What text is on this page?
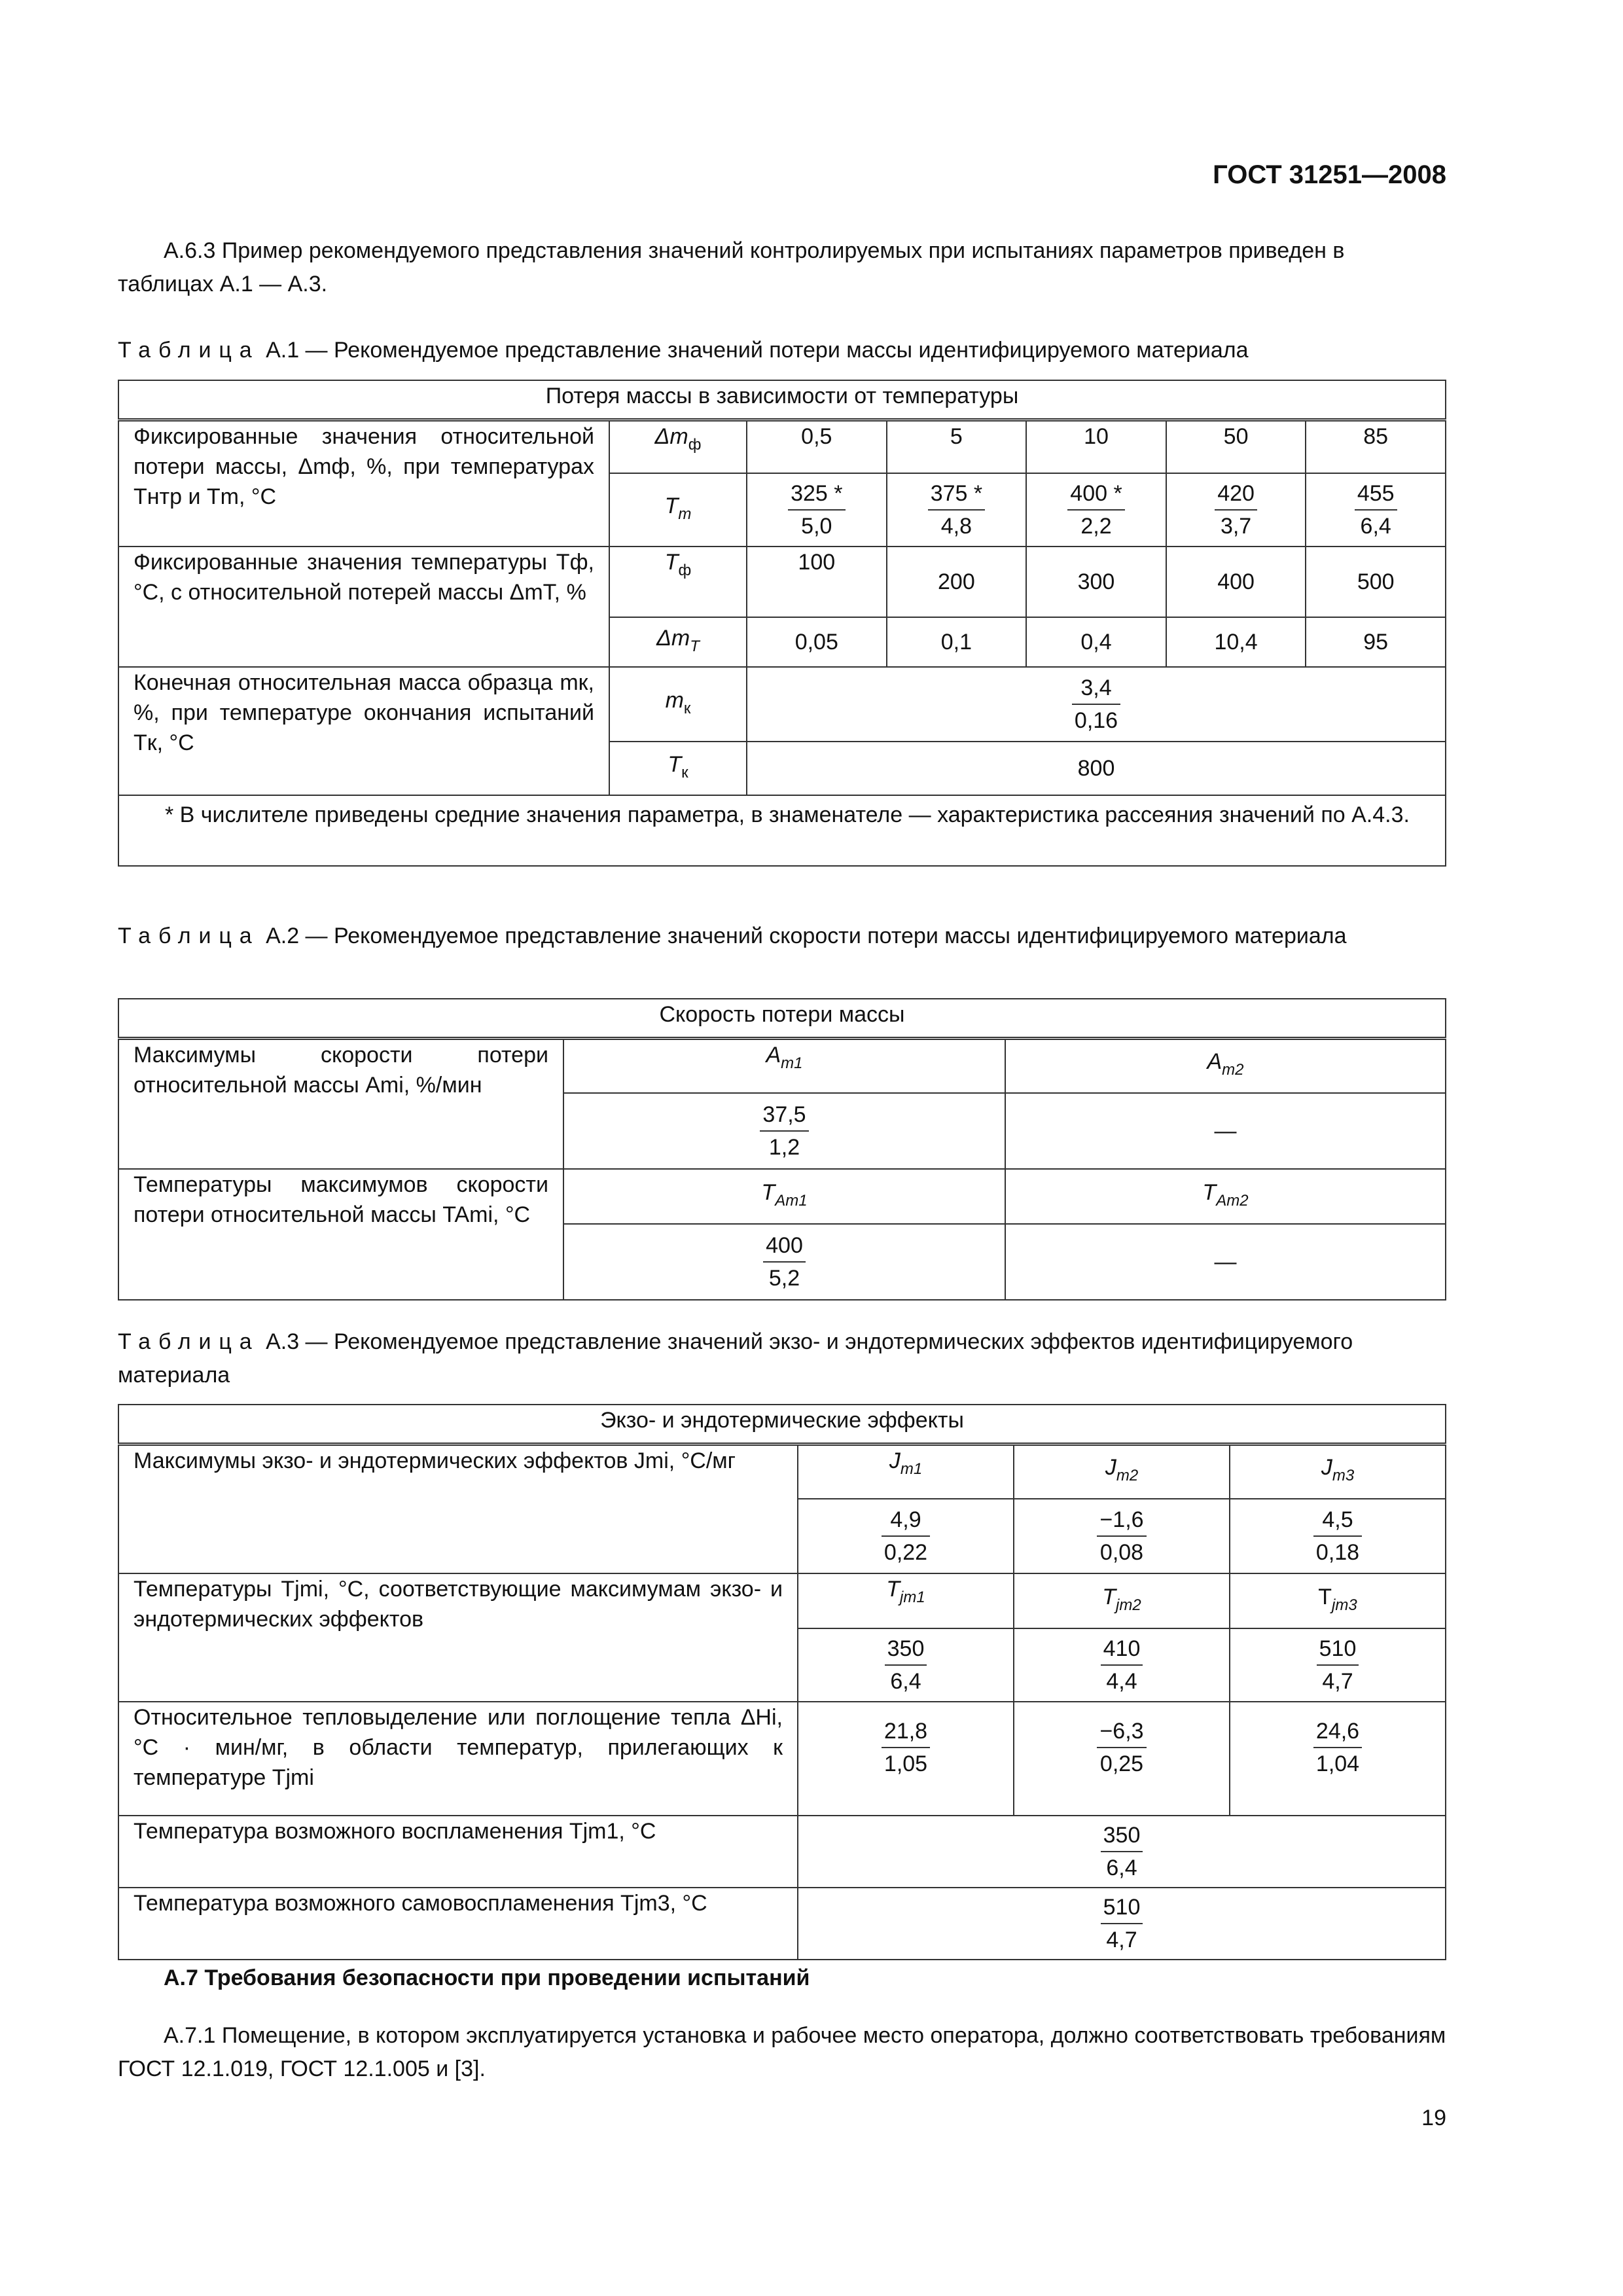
ГОСТ 31251—2008
А.6.3 Пример рекомендуемого представления значений контролируемых при испытаниях параметров приведен в таблицах А.1 — А.3.
Таблица А.1 — Рекомендуемое представление значений потери массы идентифицируемого материала
Потеря массы в зависимости от температуры						
Фиксированные значения относительной потери массы, Δmф, %, при температурах Tнтр и Tm, °С	$\Delta m_ф$	0,5	5	10	50	85
	$T_m$	$\frac{325 *}{5,0}$	$\frac{375 *}{4,8}$	$\frac{400 *}{2,2}$	$\frac{420}{3,7}$	$\frac{455}{6,4}$

Фиксированные значения температуры Tф, °С, с относительной потерей массы ΔmT, %	$T_ф$	100	200	300	400	500
	$\Delta m_T$	0,05	0,1	0,4	10,4	95
Конечная относительная масса образца mк, %, при температуре окончания испытаний Tк, °С	$m_к$	$\frac{3,4}{0,16}$

	$T_к$	800				
* В числителе приведены средние значения параметра, в знаменателе — характеристика рассеяния значений по А.4.3.						
Таблица А.2 — Рекомендуемое представление значений скорости потери массы идентифицируемого материала
Скорость потери массы		
Максимумы скорости потери относительной массы Ami, %/мин	$A_{m1}$	$A_{m2}$

	$\frac{37,5}{1,2}$	—
Температуры максимумов скорости потери относительной массы TAmi, °С	$T_{Am1}$	$T_{Am2}$

	$\frac{400}{5,2}$	—
Таблица А.3 — Рекомендуемое представление значений экзо- и эндотермических эффектов идентифицируемого материала
Экзо- и эндотермические эффекты			
Максимумы экзо- и эндотермических эффектов Jmi, °С/мг	$J_{m1}$	$J_{m2}$	$J_{m3}$

	$\frac{4,9}{0,22}$	$\frac{-1,6}{0,08}$	$\frac{4,5}{0,18}$

Температуры Tjmi, °С, соответствующие максимумам экзо- и эндотермических эффектов	$T_{jm1}$	$T_{jm2}$	$T_{jm3}$

	$\frac{350}{6,4}$	$\frac{410}{4,4}$	$\frac{510}{4,7}$

Относительное тепловыделение или поглощение тепла ΔHi, °С · мин/мг, в области температур, прилегающих к температуре Tjmi	$\frac{21,8}{1,05}$	$\frac{-6,3}{0,25}$	$\frac{24,6}{1,04}$

Температура возможного воспламенения Tjm1, °С	$\frac{350}{6,4}$

Температура возможного самовоспламенения Tjm3, °С	$\frac{510}{4,7}$
А.7 Требования безопасности при проведении испытаний
А.7.1 Помещение, в котором эксплуатируется установка и рабочее место оператора, должно соответствовать требованиям ГОСТ 12.1.019, ГОСТ 12.1.005 и [3].
19
